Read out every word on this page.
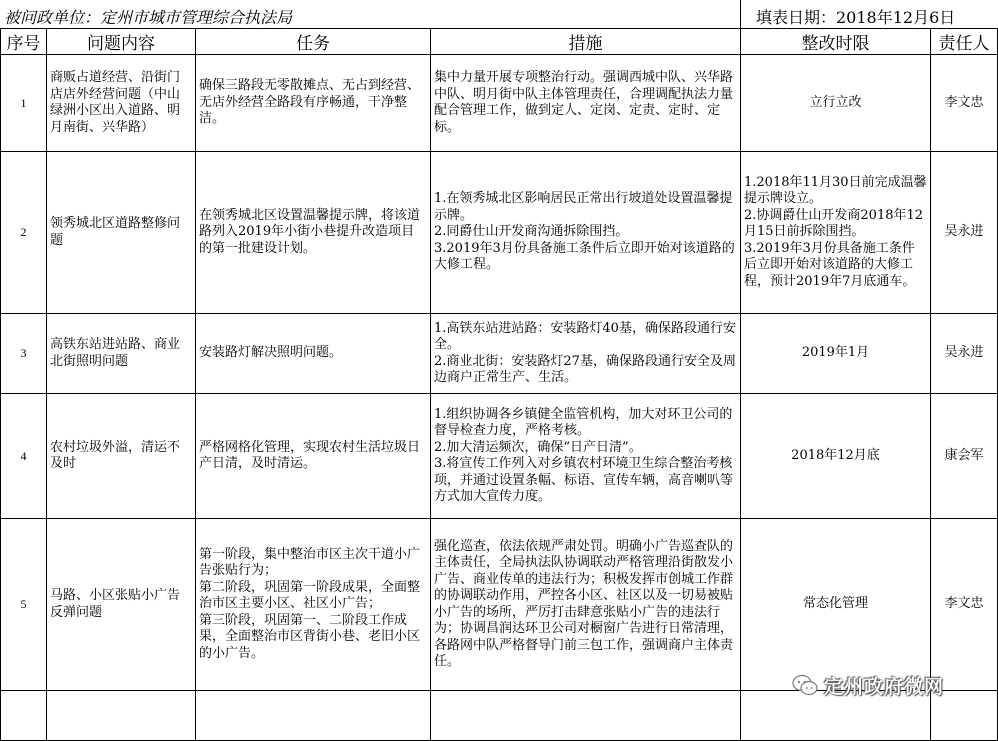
被问政单位：定州市城市管理综合执法局	填表日期：2018年12月6日
序号	问题内容	任务	措施	整改时限	责任人
1	商贩占道经营、沿街门店店外经营问题（中山绿洲小区出入道路、明月南街、兴华路）	确保三路段无零散摊点、无占到经营、无店外经营全路段有序畅通，干净整洁。	集中力量开展专项整治行动。强调西城中队、兴华路中队、明月街中队主体管理责任，合理调配执法力量配合管理工作，做到定人、定岗、定责、定时、定标。	立行立改	李文忠
2	领秀城北区道路整修问题	在领秀城北区设置温馨提示牌，将该道路列入2019年小街小巷提升改造项目的第一批建设计划。	1.在领秀城北区影响居民正常出行坡道处设置温馨提示牌。
2.同爵仕山开发商沟通拆除围挡。
3.2019年3月份具备施工条件后立即开始对该道路的大修工程。	1.2018年11月30日前完成温馨提示牌设立。
2.协调爵仕山开发商2018年12月15日前拆除围挡。
3.2019年3月份具备施工条件后立即开始对该道路的大修工程，预计2019年7月底通车。	吴永进
3	高铁东站进站路、商业北街照明问题	安装路灯解决照明问题。	1.高铁东站进站路：安装路灯40基，确保路段通行安全。
2.商业北街：安装路灯27基，确保路段通行安全及周边商户正常生产、生活。	2019年1月	吴永进
4	农村垃圾外溢，清运不及时	严格网格化管理，实现农村生活垃圾日产日清，及时清运。	1.组织协调各乡镇健全监管机构，加大对环卫公司的督导检查力度，严格考核。
2.加大清运频次，确保“日产日清”。
3.将宣传工作列入对乡镇农村环境卫生综合整治考核项，并通过设置条幅、标语、宣传车辆，高音喇叭等方式加大宣传力度。	2018年12月底	康会军
5	马路、小区张贴小广告反弹问题	第一阶段，集中整治市区主次干道小广告张贴行为；
第二阶段，巩固第一阶段成果，全面整治市区主要小区、社区小广告；
第三阶段，巩固第一、二阶段工作成果，全面整治市区背街小巷、老旧小区的小广告。	强化巡查，依法依规严肃处罚。明确小广告巡查队的主体责任，全局执法队协调联动严格管理沿街散发小广告、商业传单的违法行为；积极发挥市创城工作群的协调联动作用，严控各小区、社区以及一切易被贴小广告的场所，严厉打击肆意张贴小广告的违法行为；协调昌润达环卫公司对橱窗广告进行日常清理，各路网中队严格督导门前三包工作，强调商户主体责任。	常态化管理	李文忠

定州政府微网
